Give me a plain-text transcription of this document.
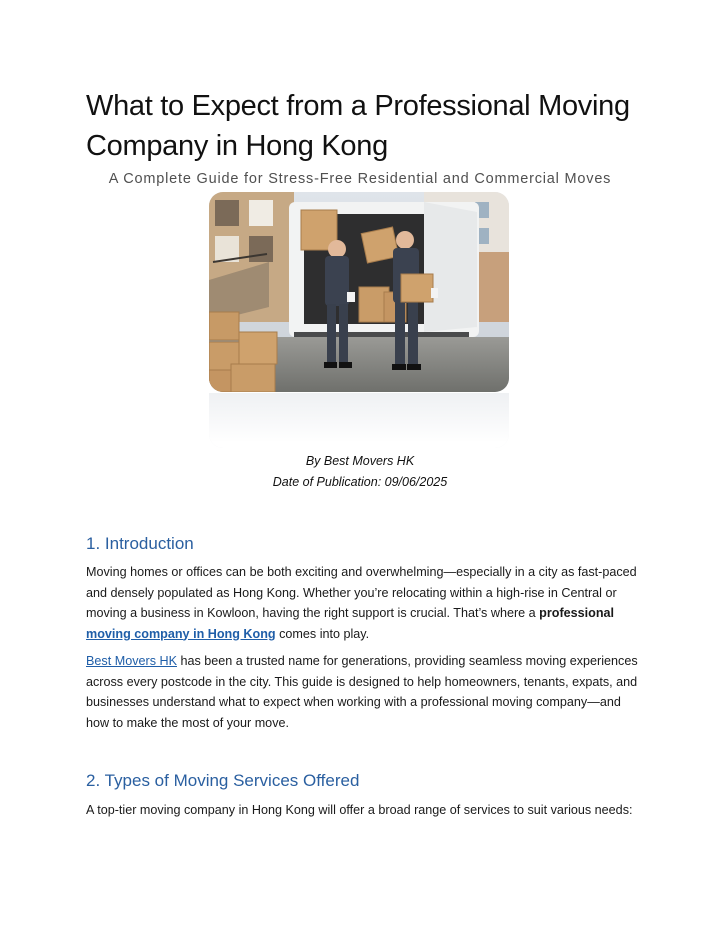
What to Expect from a Professional Moving
Company in Hong Kong
A Complete Guide for Stress-Free Residential and Commercial Moves
By Best Movers HK
Date of Publication: 09/06/2025
1. Introduction
Moving homes or offices can be both exciting and overwhelming—especially in a city as fast-paced and densely populated as Hong Kong. Whether you’re relocating within a high-rise in Central or moving a business in Kowloon, having the right support is crucial. That’s where a professional moving company in Hong Kong comes into play.
Best Movers HK has been a trusted name for generations, providing seamless moving experiences across every postcode in the city. This guide is designed to help homeowners, tenants, expats, and businesses understand what to expect when working with a professional moving company—and how to make the most of your move.
2. Types of Moving Services Offered
A top-tier moving company in Hong Kong will offer a broad range of services to suit various needs:
